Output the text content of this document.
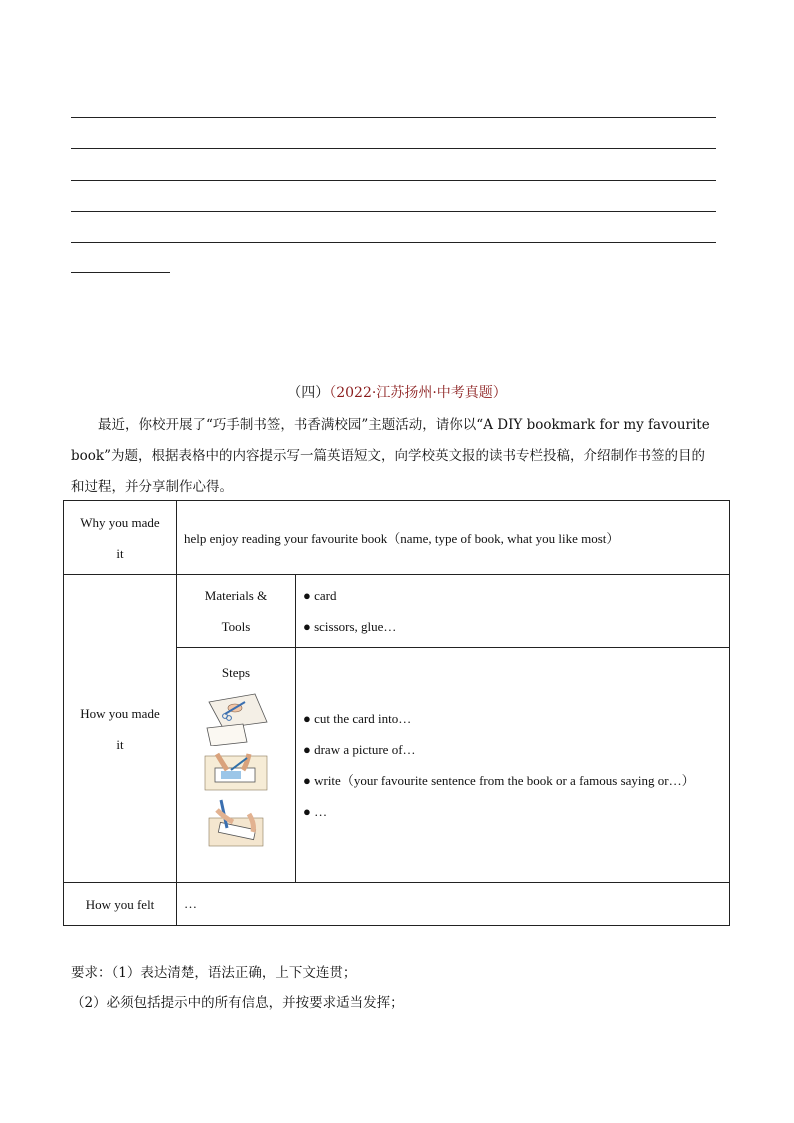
（四）（2022·江苏扬州·中考真题）

最近，你校开展了“巧手制书签，书香满校园”主题活动，请你以“A DIY bookmark for my favourite

book”为题，根据表格中的内容提示写一篇英语短文，向学校英文报的读书专栏投稿，介绍制作书签的目的
和过程，并分享制作心得。
Why you made
it	help enjoy reading your favourite book（name, type of book, what you like most）	
How you made
it	Materials &
Tools	● card
● scissors, glue…

	Steps	● cut the card into…
● draw a picture of…
● write（your favourite sentence from the book or a famous saying or…）
● …

How you felt	…	

要求：（1）表达清楚，语法正确，上下文连贯；

（2）必须包括提示中的所有信息，并按要求适当发挥；
